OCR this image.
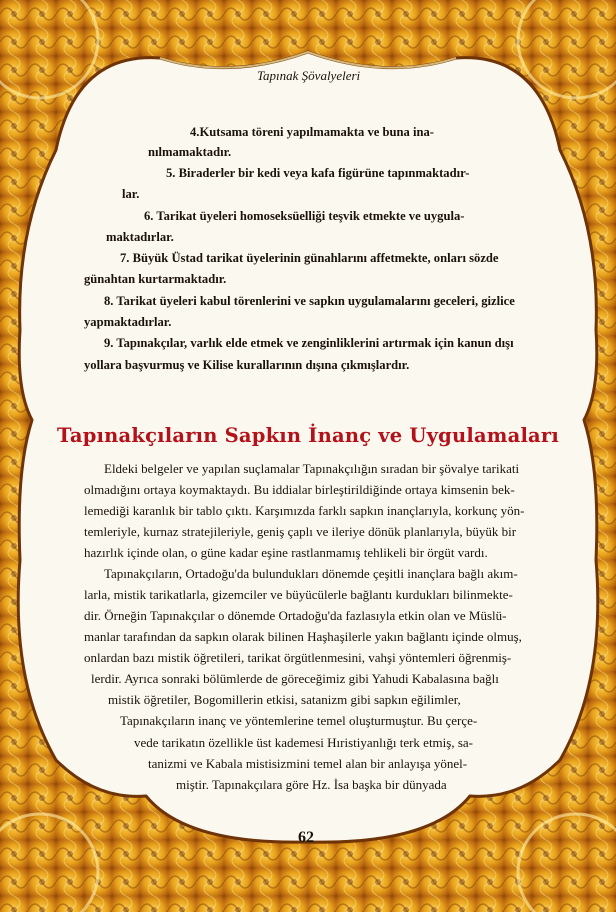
Tapınak Şövalyeleri
4.Kutsama töreni yapılmamakta ve buna ina-
nılmamaktadır.
5. Biraderler bir kedi veya kafa figürüne tapınmaktadır-
lar.
6. Tarikat üyeleri homoseksüelliği teşvik etmekte ve uygula-
maktadırlar.
7. Büyük Üstad tarikat üyelerinin günahlarını affetmekte, onları sözde
günahtan kurtarmaktadır.
8. Tarikat üyeleri kabul törenlerini ve sapkın uygulamalarını geceleri, gizlice
yapmaktadırlar.
9. Tapınakçılar, varlık elde etmek ve zenginliklerini artırmak için kanun dışı
yollara başvurmuş ve Kilise kurallarının dışına çıkmışlardır.
Tapınakçıların Sapkın İnanç ve Uygulamaları
Eldeki belgeler ve yapılan suçlamalar Tapınakçılığın sıradan bir şövalye tarikati
olmadığını ortaya koymaktaydı. Bu iddialar birleştirildiğinde ortaya kimsenin bek-
lemediği karanlık bir tablo çıktı. Karşımızda farklı sapkın inançlarıyla, korkunç yön-
temleriyle, kurnaz stratejileriyle, geniş çaplı ve ileriye dönük planlarıyla, büyük bir
hazırlık içinde olan, o güne kadar eşine rastlanmamış tehlikeli bir örgüt vardı.
Tapınakçıların, Ortadoğu'da bulundukları dönemde çeşitli inançlara bağlı akım-
larla, mistik tarikatlarla, gizemciler ve büyücülerle bağlantı kurdukları bilinmekte-
dir. Örneğin Tapınakçılar o dönemde Ortadoğu'da fazlasıyla etkin olan ve Müslü-
manlar tarafından da sapkın olarak bilinen Haşhaşilerle yakın bağlantı içinde olmuş,
onlardan bazı mistik öğretileri, tarikat örgütlenmesini, vahşi yöntemleri öğrenmiş-
lerdir. Ayrıca sonraki bölümlerde de göreceğimiz gibi Yahudi Kabalasına bağlı
mistik öğretiler, Bogomillerin etkisi, satanizm gibi sapkın eğilimler,
Tapınakçıların inanç ve yöntemlerine temel oluşturmuştur. Bu çerçe-
vede tarikatın özellikle üst kademesi Hıristiyanlığı terk etmiş, sa-
tanizmi ve Kabala mistisizmini temel alan bir anlayışa yönel-
miştir. Tapınakçılara göre Hz. İsa başka bir dünyada
62
